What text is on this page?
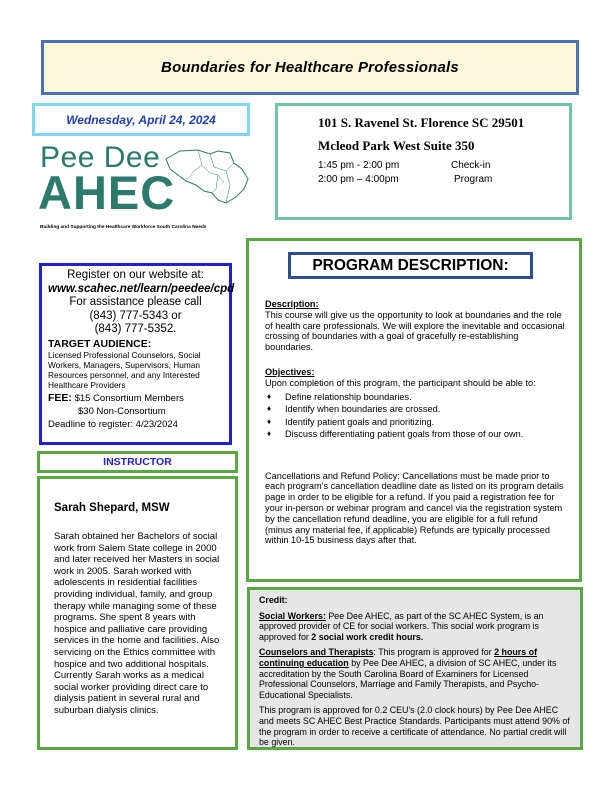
Boundaries for Healthcare Professionals
Wednesday, April 24, 2024	101 S. Ravenel St. Florence SC 29501
Mcleod Park West Suite 350
1:45 pm - 2:00 pm	Check-in
2:00 pm – 4:00pm	Program
Pee Dee
AHEC
Building and Supporting the Healthcare Workforce South Carolina Needs
Register on our website at:
www.scahec.net/learn/peedee/cpd
For assistance please call
(843) 777-5343 or
(843) 777-5352.
TARGET AUDIENCE:
Licensed Professional Counselors, Social Workers, Managers, Supervisors, Human Resources personnel, and any Interested Healthcare Providers
FEE: $15 Consortium Members
$30 Non-Consortium
Deadline to register: 4/23/2024
INSTRUCTOR
Sarah Shepard, MSW
Sarah obtained her Bachelors of social work from Salem State college in 2000 and later received her Masters in social work in 2005. Sarah worked with adolescents in residential facilities providing individual, family, and group therapy while managing some of these programs. She spent 8 years with hospice and palliative care providing services in the home and facilities. Also servicing on the Ethics committee with hospice and two additional hospitals. Currently Sarah works as a medical social worker providing direct care to dialysis patient in several rural and suburban dialysis clinics.
PROGRAM DESCRIPTION:
Description:
This course will give us the opportunity to look at boundaries and the role of health care professionals. We will explore the inevitable and occasional crossing of boundaries with a goal of gracefully re-establishing boundaries.
Objectives:
Upon completion of this program, the participant should be able to:
♦ Define relationship boundaries.
♦ Identify when boundaries are crossed.
♦ Identify patient goals and prioritizing.
♦ Discuss differentiating patient goals from those of our own.
Cancellations and Refund Policy: Cancellations must be made prior to each program's cancellation deadline date as listed on its program details page in order to be eligible for a refund. If you paid a registration fee for your in-person or webinar program and cancel via the registration system by the cancellation refund deadline, you are eligible for a full refund (minus any material fee, if applicable) Refunds are typically processed within 10-15 business days after that.

Credit:

Social Workers: Pee Dee AHEC, as part of the SC AHEC System, is an approved provider of CE for social workers. This social work program is approved for 2 social work credit hours.

Counselors and Therapists: This program is approved for 2 hours of continuing education by Pee Dee AHEC, a division of SC AHEC, under its accreditation by the South Carolina Board of Examiners for Licensed Professional Counselors, Marriage and Family Therapists, and Psycho-Educational Specialists.

This program is approved for 0.2 CEU's (2.0 clock hours) by Pee Dee AHEC and meets SC AHEC Best Practice Standards. Participants must attend 90% of the program in order to receive a certificate of attendance. No partial credit will be given.
